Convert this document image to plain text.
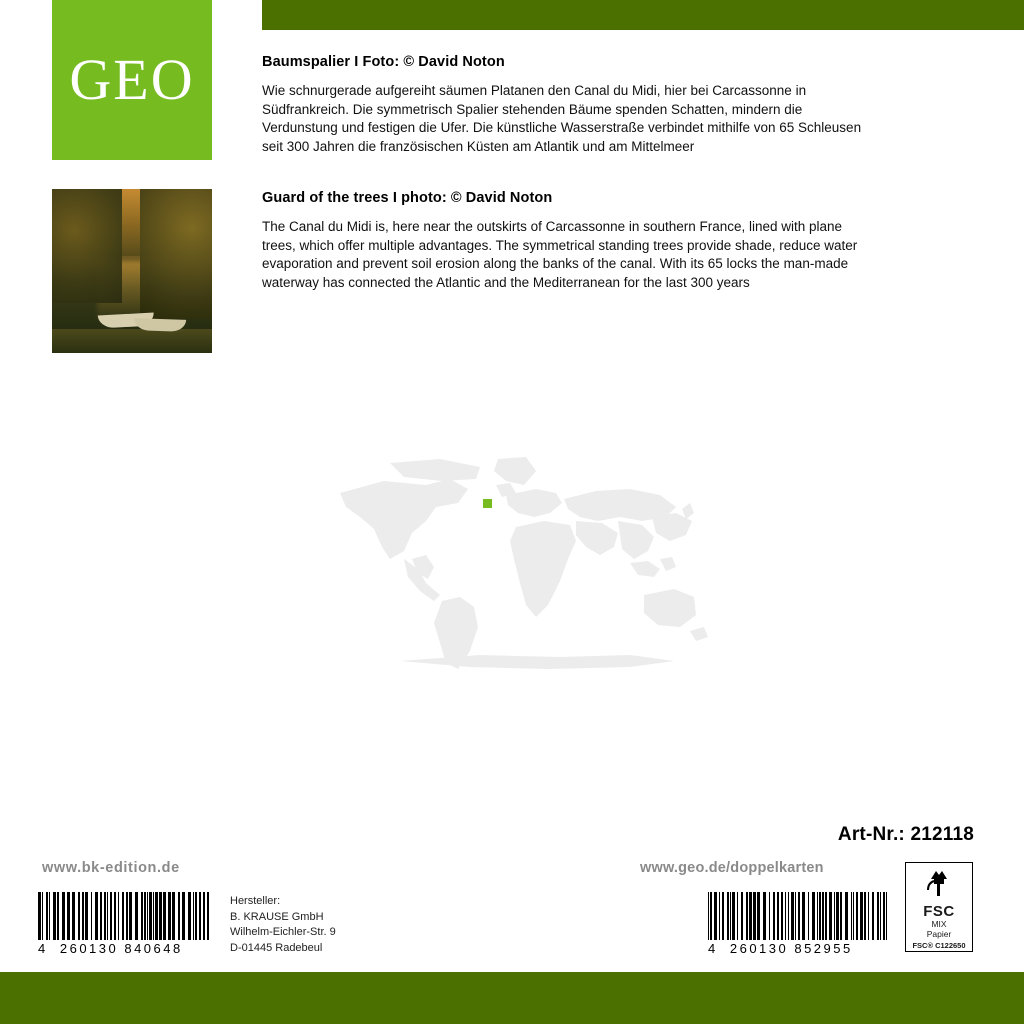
GEO	Baumspalier I Foto: © David Noton

Wie schnurgerade aufgereiht säumen Platanen den Canal du Midi, hier bei Carcassonne in Südfrankreich. Die symmetrisch Spalier stehenden Bäume spenden Schatten, mindern die Verdunstung und festigen die Ufer. Die künstliche Wasserstraße verbindet mithilfe von 65 Schleusen seit 300 Jahren die französischen Küsten am Atlantik und am Mittelmeer

Guard of the trees I photo: © David Noton

The Canal du Midi is, here near the outskirts of Carcassonne in southern France, lined with plane trees, which offer multiple advantages. The symmetrical standing trees provide shade, reduce water evaporation and prevent soil erosion along the banks of the canal. With its 65 locks the man-made waterway has connected the Atlantic and the Mediterranean for the last 300 years

Art-Nr.: 212118
www.bk-edition.de	www.geo.de/doppelkarten
4 260130 840648	4 260130 852955
Hersteller:
B. KRAUSE GmbH
Wilhelm-Eichler-Str. 9
D-01445 Radebeul
FSC
MIX
Papier
FSC® C122650
